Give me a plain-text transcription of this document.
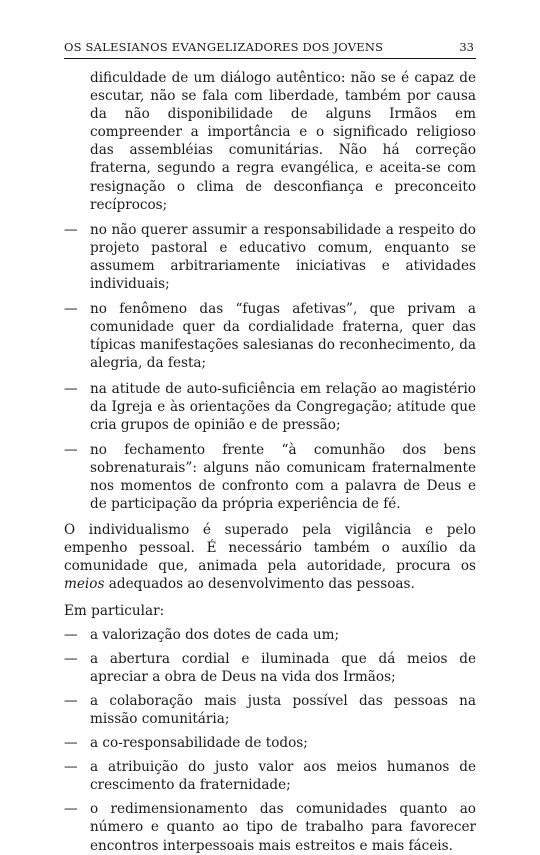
OS SALESIANOS EVANGELIZADORES DOS JOVENS	33

dificuldade de um diálogo autêntico: não se é capaz de escutar, não se fala com liberdade, também por causa da não disponibilidade de alguns Irmãos em compreender a importância e o significado religioso das assembléias comunitárias. Não há correção fraterna, segundo a regra evangélica, e aceita-se com resignação o clima de desconfiança e preconceito recíprocos;

— no não querer assumir a responsabilidade a respeito do projeto pastoral e educativo comum, enquanto se assumem arbitrariamente iniciativas e atividades individuais;
— no fenômeno das “fugas afetivas”, que privam a comunidade quer da cordialidade fraterna, quer das típicas manifestações salesianas do reconhecimento, da alegria, da festa;
— na atitude de auto-suficiência em relação ao magistério da Igreja e às orientações da Congregação; atitude que cria grupos de opinião e de pressão;
— no fechamento frente “à comunhão dos bens sobrenaturais”: alguns não comunicam fraternalmente nos momentos de confronto com a palavra de Deus e de participação da própria experiência de fé.

O individualismo é superado pela vigilância e pelo empenho pessoal. É necessário também o auxílio da comunidade que, animada pela autoridade, procura os meios adequados ao desenvolvimento das pessoas.

Em particular:

— a valorização dos dotes de cada um;
— a abertura cordial e iluminada que dá meios de apreciar a obra de Deus na vida dos Irmãos;
— a colaboração mais justa possível das pessoas na missão comunitária;
— a co-responsabilidade de todos;
— a atribuição do justo valor aos meios humanos de crescimento da fraternidade;
— o redimensionamento das comunidades quanto ao número e quanto ao tipo de trabalho para favorecer encontros interpessoais mais estreitos e mais fáceis.
